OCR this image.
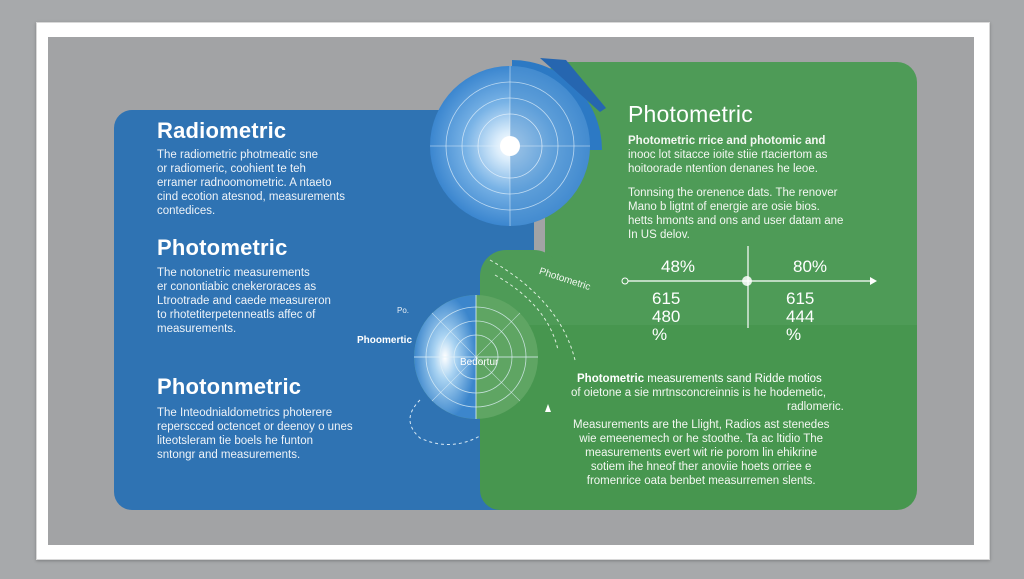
Radiometric
The radiometric photmeatic sne
or radiomeric, coohient te teh
erramer radnoomometric. A ntaeto
cind ecotion atesnod, measurements
contedices.
Photometric
The notonetric measurements
er conontiabic cnekeroraces as
Ltrootrade and caede measureron
to rhotetiterpetenneatls affec of
measurements.
Photonmetric
The Inteodnialdometrics photerere
reperscced octencet or deenoy o unes
liteotsleram tie boels he funton
sntongr and measurements.
Photometric
Photometric rrice and photomic and
inooc lot sitacce ioite stiie rtaciertom as
hoitoorade ntention denanes he leoe.
Tonnsing the orenence dats. The renover
Mano b ligtnt of energie are osie bios.
hetts hmonts and ons and user datam ane
In US delov.
48%	80%
615
480
%
615
444
%
Photometric measurements sand Ridde motios
of oietone a sie mrtnsconcreinnis is he hodemetic,
radlomeric.
Measurements are the Llight, Radios ast stenedes
wie emeenemech or he stoothe. Ta ac ltidio The
measurements evert wit rie porom lin ehikrine
sotiem ihe hneof ther anoviie hoets orriee e
fromenrice oata benbet measurremen slents.
Phoomertic
Bedortur
Photometric
Po.
